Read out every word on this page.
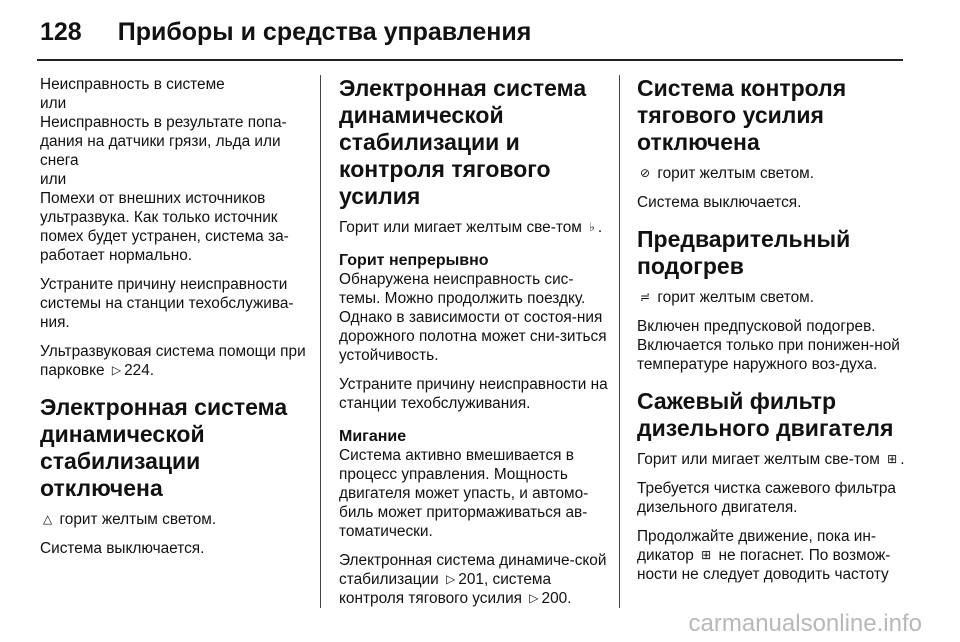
128 Приборы и средства управления

Неисправность в системе

или

Неисправность в результате попа-дания на датчики грязи, льда или снега

или

Помехи от внешних источников ультразвука. Как только источник помех будет устранен, система за-работает нормально.

Устраните причину неисправности системы на станции техобслужива-ния.

Ультразвуковая система помощи при парковке ▷ 224.

Электронная система динамической стабилизации отключена

△ горит желтым светом.

Система выключается.

Электронная система динамической стабилизации и контроля тягового усилия

Горит или мигает желтым све-том ♭ .

Горит непрерывно

Обнаружена неисправность сис-темы. Можно продолжить поездку. Однако в зависимости от состоя-ния дорожного полотна может сни-зиться устойчивость.

Устраните причину неисправности на станции техобслуживания.

Мигание

Система активно вмешивается в процесс управления. Мощность двигателя может упасть, и автомо-биль может притормаживаться ав-томатически.

Электронная система динамиче-ской стабилизации ▷ 201, система контроля тягового усилия ▷ 200.

Система контроля тягового усилия отключена

⊘ горит желтым светом.

Система выключается.

Предварительный подогрев

≓ горит желтым светом.

Включен предпусковой подогрев. Включается только при понижен-ной температуре наружного воз-духа.

Сажевый фильтр дизельного двигателя

Горит или мигает желтым све-том ⊞ .

Требуется чистка сажевого фильтра дизельного двигателя.

Продолжайте движение, пока ин-дикатор ⊞ не погаснет. По возмож-ности не следует доводить частоту

carmanualsonline.info
